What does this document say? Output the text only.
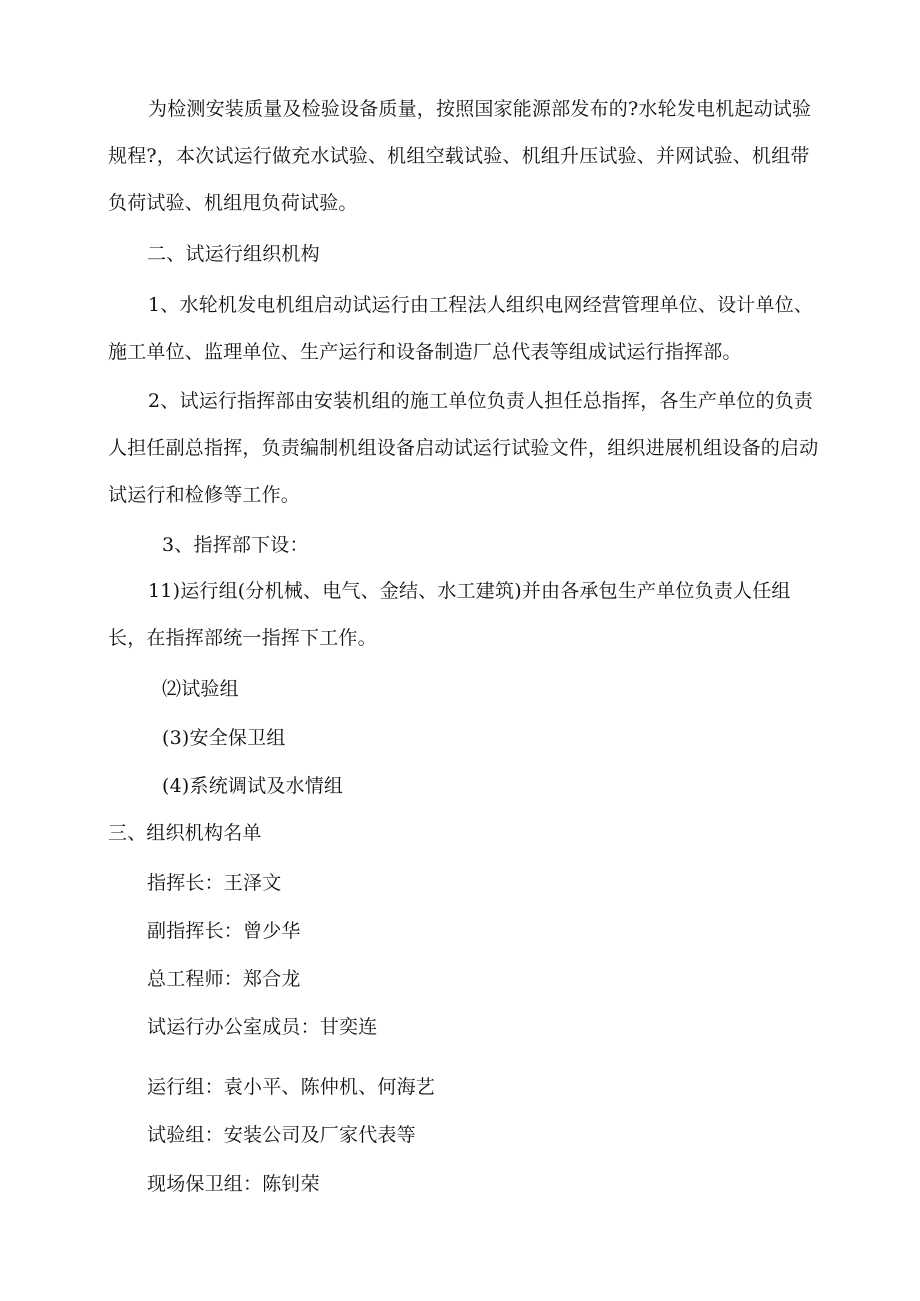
为检测安装质量及检验设备质量，按照国家能源部发布的?水轮发电机起动试验规程?，本次试运行做充水试验、机组空载试验、机组升压试验、并网试验、机组带负荷试验、机组甩负荷试验。

二、试运行组织机构

1、水轮机发电机组启动试运行由工程法人组织电网经营管理单位、设计单位、施工单位、监理单位、生产运行和设备制造厂总代表等组成试运行指挥部。

2、试运行指挥部由安装机组的施工单位负责人担任总指挥，各生产单位的负责人担任副总指挥，负责编制机组设备启动试运行试验文件，组织进展机组设备的启动试运行和检修等工作。

3、指挥部下设：

11)运行组(分机械、电气、金结、水工建筑)并由各承包生产单位负责人任组长，在指挥部统一指挥下工作。

⑵试验组

(3)安全保卫组

(4)系统调试及水情组

三、组织机构名单

指挥长：王泽文

副指挥长：曾少华

总工程师：郑合龙

试运行办公室成员：甘奕连

运行组：袁小平、陈仲机、何海艺

试验组：安装公司及厂家代表等

现场保卫组：陈钊荣
